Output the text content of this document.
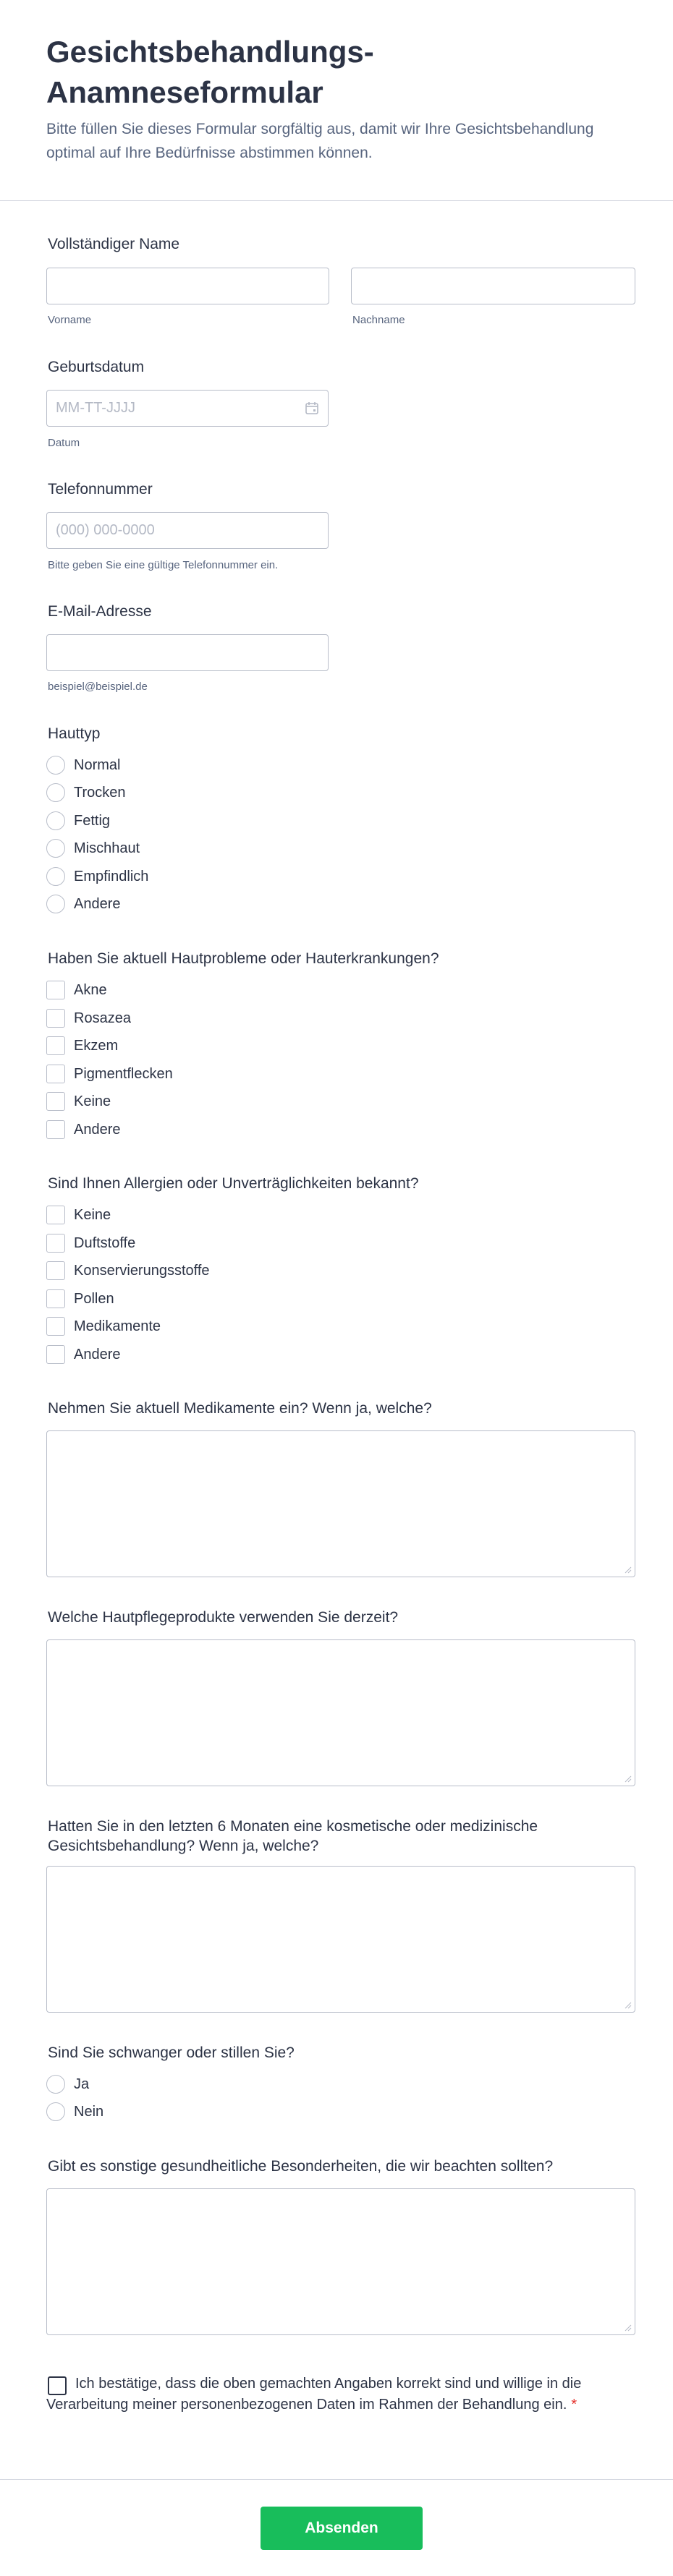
Gesichtsbehandlungs-Anamneseformular
Bitte füllen Sie dieses Formular sorgfältig aus, damit wir Ihre Gesichtsbehandlung optimal auf Ihre Bedürfnisse abstimmen können.
Vollständiger Name
Vorname	Nachname
Geburtsdatum
MM-TT-JJJJ
Datum
Telefonnummer
(000) 000-0000
Bitte geben Sie eine gültige Telefonnummer ein.
E-Mail-Adresse
beispiel@beispiel.de
Hauttyp
Normal
Trocken
Fettig
Mischhaut
Empfindlich
Andere
Haben Sie aktuell Hautprobleme oder Hauterkrankungen?
Akne
Rosazea
Ekzem
Pigmentflecken
Keine
Andere
Sind Ihnen Allergien oder Unverträglichkeiten bekannt?
Keine
Duftstoffe
Konservierungsstoffe
Pollen
Medikamente
Andere
Nehmen Sie aktuell Medikamente ein? Wenn ja, welche?
Welche Hautpflegeprodukte verwenden Sie derzeit?
Hatten Sie in den letzten 6 Monaten eine kosmetische oder medizinische Gesichtsbehandlung? Wenn ja, welche?
Sind Sie schwanger oder stillen Sie?
Ja
Nein
Gibt es sonstige gesundheitliche Besonderheiten, die wir beachten sollten?
Ich bestätige, dass die oben gemachten Angaben korrekt sind und willige in die Verarbeitung meiner personenbezogenen Daten im Rahmen der Behandlung ein. *
Absenden
